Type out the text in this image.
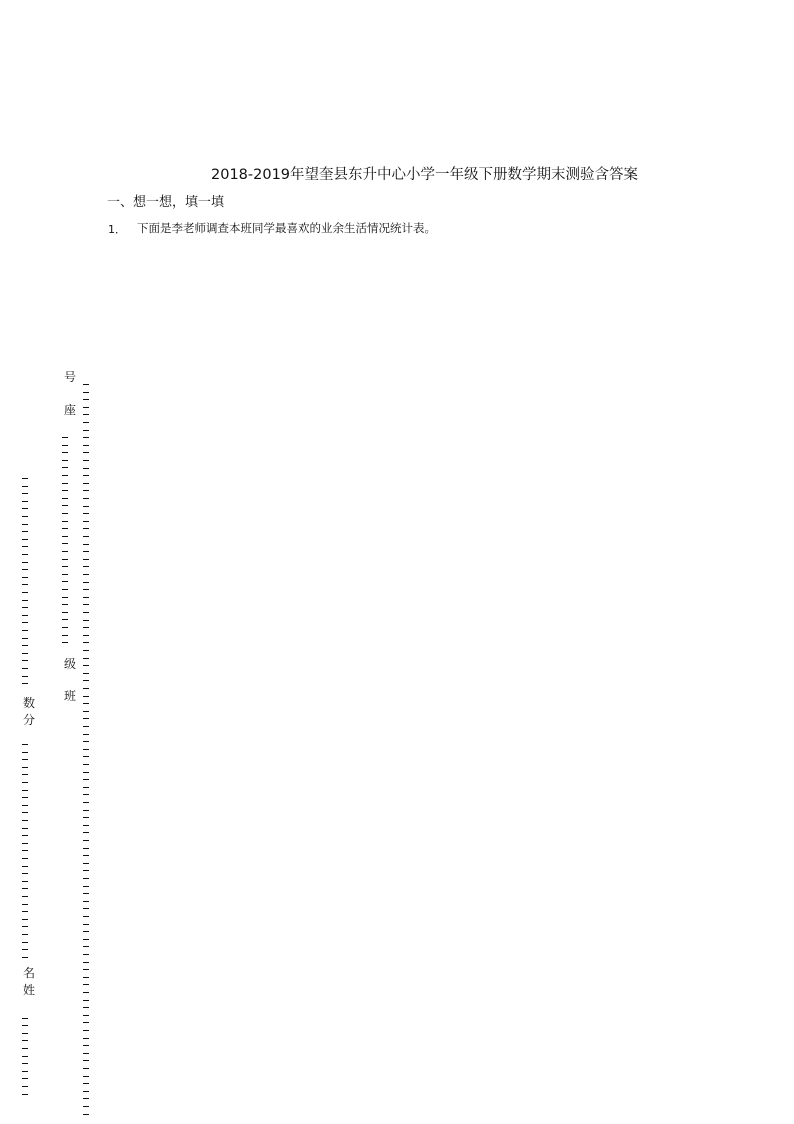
2018-2019年望奎县东升中心小学一年级下册数学期末测验含答案
一、想一想，填一填
1． 下面是李老师调查本班同学最喜欢的业余生活情况统计表。
号
座
级
班
数
分
名
姓
